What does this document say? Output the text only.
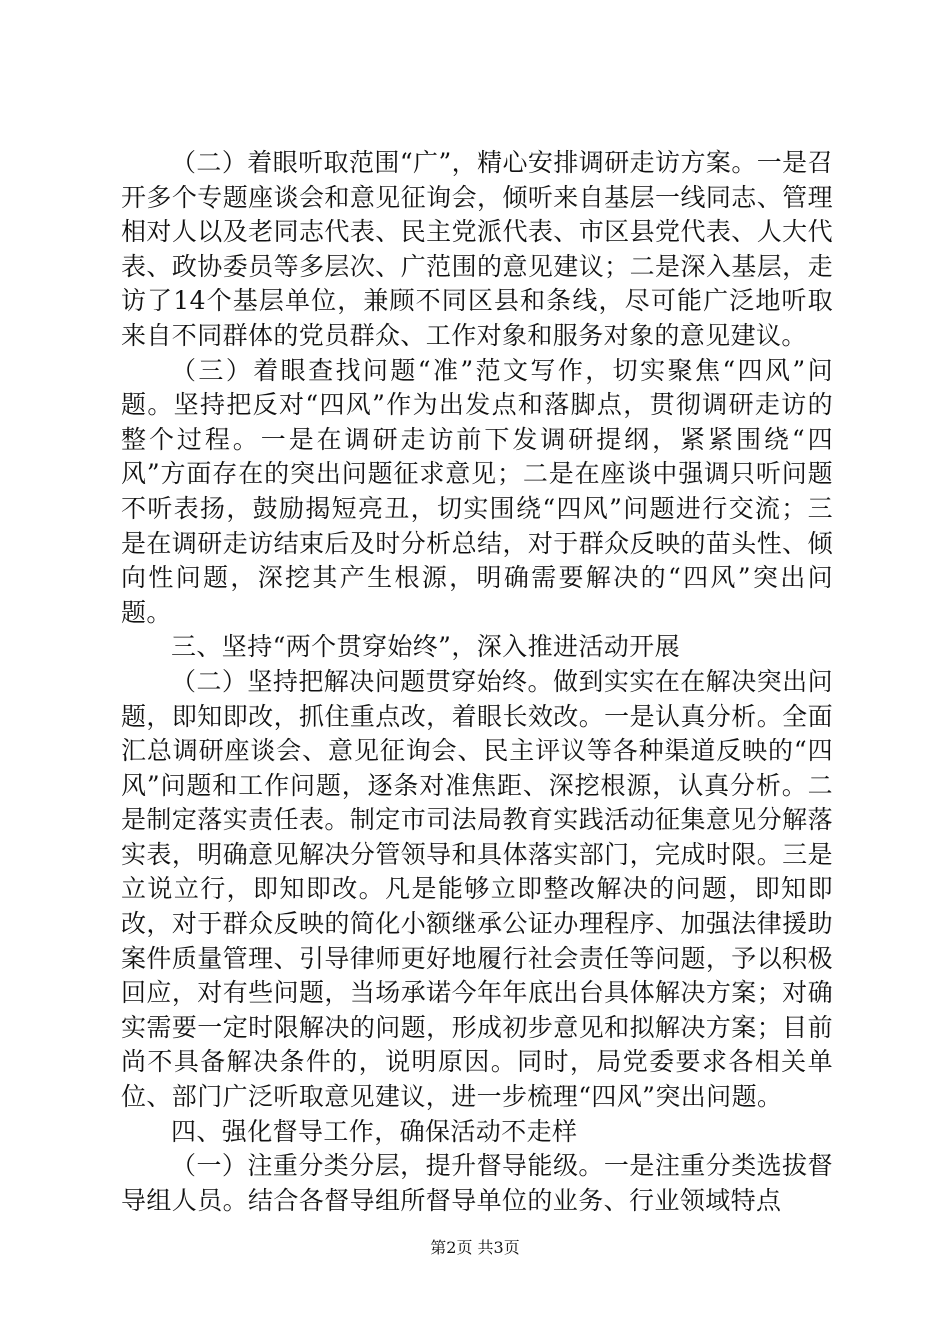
（二）着眼听取范围“广”，精心安排调研走访方案。一是召开多个专题座谈会和意见征询会，倾听来自基层一线同志、管理相对人以及老同志代表、民主党派代表、市区县党代表、人大代表、政协委员等多层次、广范围的意见建议；二是深入基层，走访了14个基层单位，兼顾不同区县和条线，尽可能广泛地听取来自不同群体的党员群众、工作对象和服务对象的意见建议。

（三）着眼查找问题“准”范文写作，切实聚焦“四风”问题。坚持把反对“四风”作为出发点和落脚点，贯彻调研走访的整个过程。一是在调研走访前下发调研提纲，紧紧围绕“四风”方面存在的突出问题征求意见；二是在座谈中强调只听问题不听表扬，鼓励揭短亮丑，切实围绕“四风”问题进行交流；三是在调研走访结束后及时分析总结，对于群众反映的苗头性、倾向性问题，深挖其产生根源，明确需要解决的“四风”突出问题。

三、坚持“两个贯穿始终”，深入推进活动开展

（二）坚持把解决问题贯穿始终。做到实实在在解决突出问题，即知即改，抓住重点改，着眼长效改。一是认真分析。全面汇总调研座谈会、意见征询会、民主评议等各种渠道反映的“四风”问题和工作问题，逐条对准焦距、深挖根源，认真分析。二是制定落实责任表。制定市司法局教育实践活动征集意见分解落实表，明确意见解决分管领导和具体落实部门，完成时限。三是立说立行，即知即改。凡是能够立即整改解决的问题，即知即改，对于群众反映的简化小额继承公证办理程序、加强法律援助案件质量管理、引导律师更好地履行社会责任等问题，予以积极回应，对有些问题，当场承诺今年年底出台具体解决方案；对确实需要一定时限解决的问题，形成初步意见和拟解决方案；目前尚不具备解决条件的，说明原因。同时，局党委要求各相关单位、部门广泛听取意见建议，进一步梳理“四风”突出问题。

四、强化督导工作，确保活动不走样

（一）注重分类分层，提升督导能级。一是注重分类选拔督导组人员。结合各督导组所督导单位的业务、行业领域特点

第2页 共3页
